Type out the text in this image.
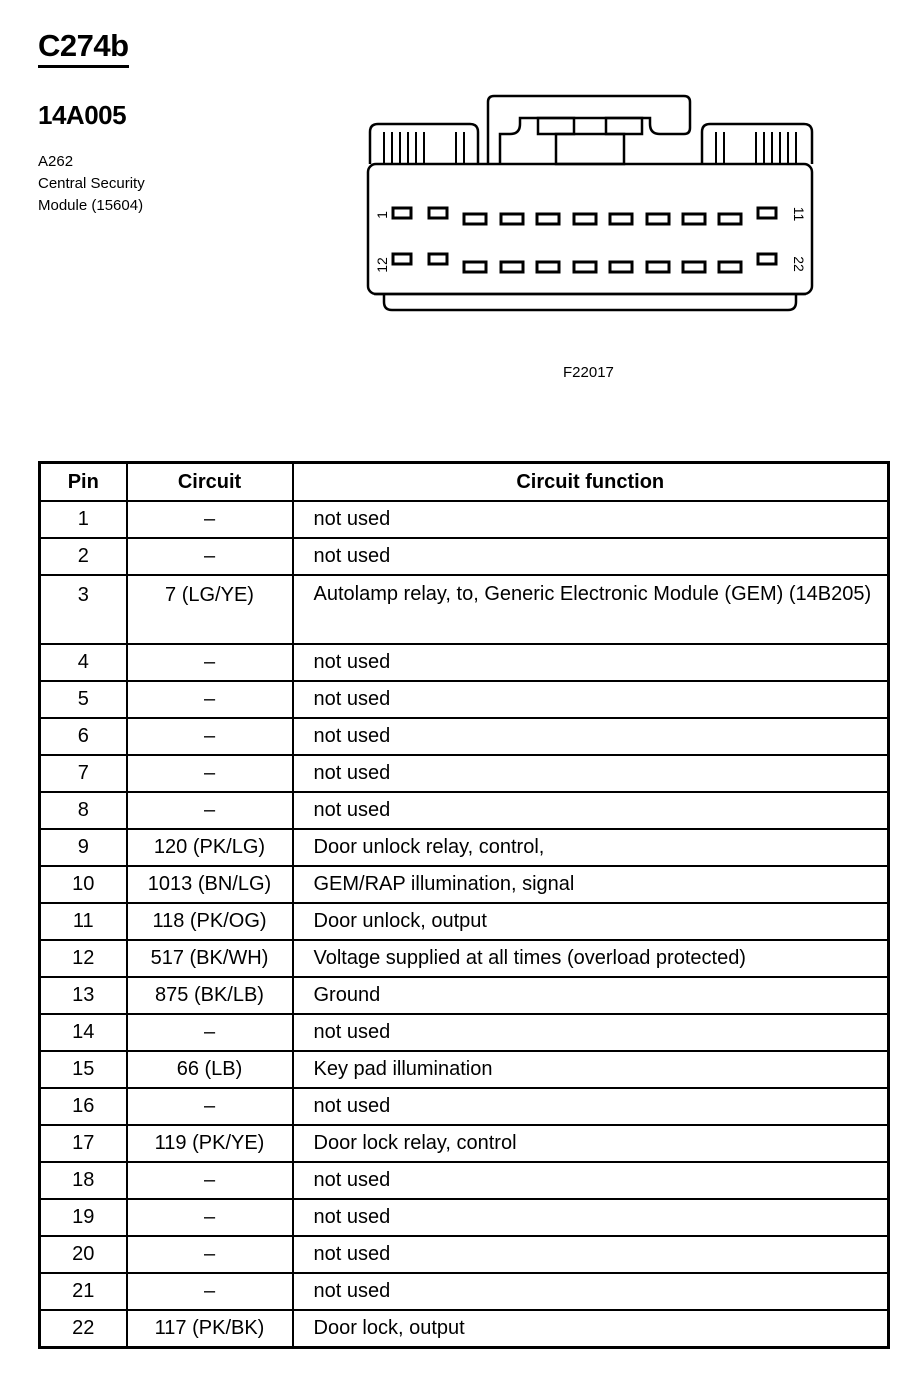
C274b
14A005
A262
Central Security
Module (15604)
1	11
12	22
F22017
Pin	Circuit	Circuit function
1	–	not used
2	–	not used
3	7 (LG/YE)	Autolamp relay, to, Generic Electronic Module (GEM) (14B205)
4	–	not used
5	–	not used
6	–	not used
7	–	not used
8	–	not used
9	120 (PK/LG)	Door unlock relay, control,
10	1013 (BN/LG)	GEM/RAP illumination, signal
11	118 (PK/OG)	Door unlock, output
12	517 (BK/WH)	Voltage supplied at all times (overload protected)
13	875 (BK/LB)	Ground
14	–	not used
15	66 (LB)	Key pad illumination
16	–	not used
17	119 (PK/YE)	Door lock relay, control
18	–	not used
19	–	not used
20	–	not used
21	–	not used
22	117 (PK/BK)	Door lock, output
